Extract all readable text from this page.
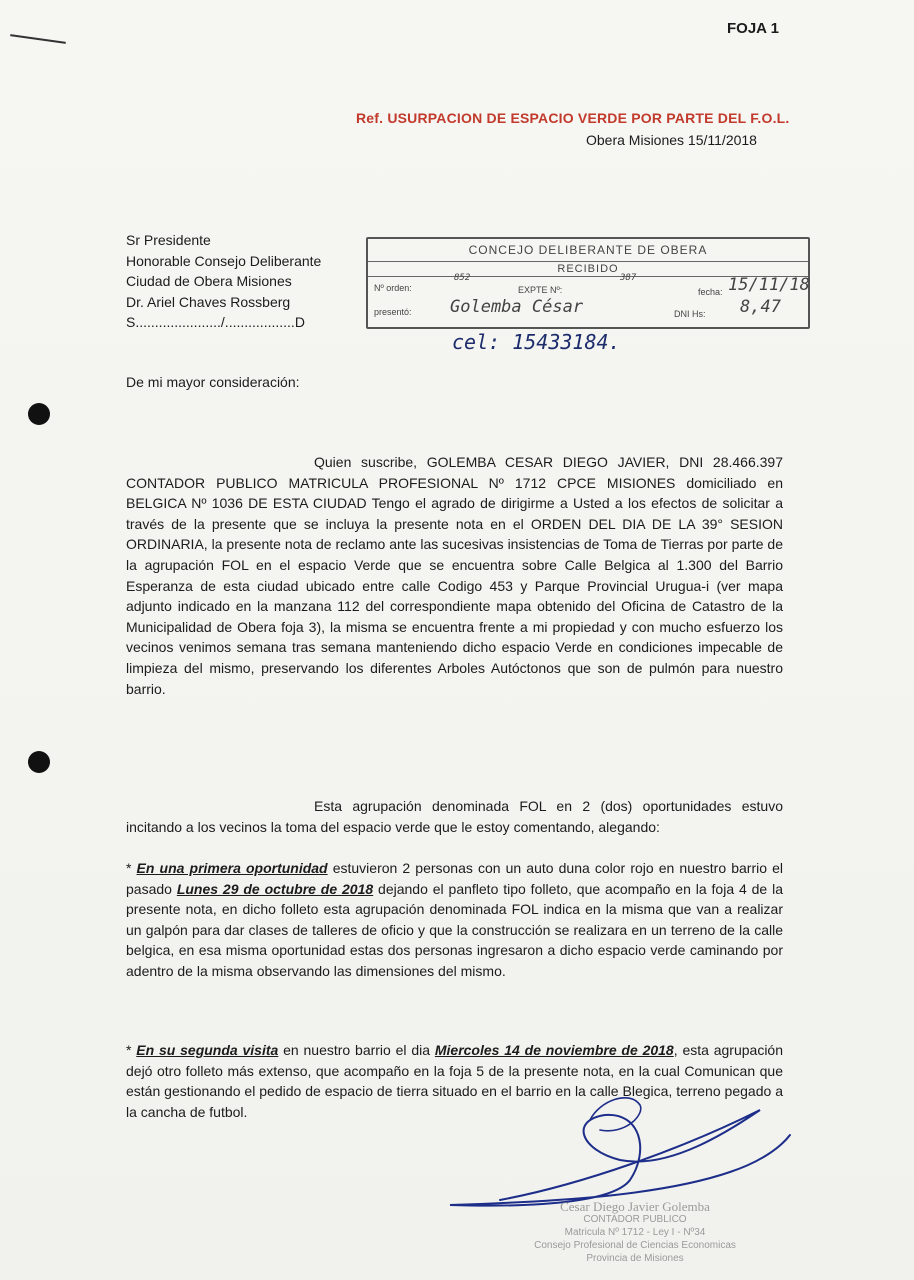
FOJA 1
Ref. USURPACION DE ESPACIO VERDE POR PARTE DEL F.O.L.
Obera Misiones 15/11/2018
Sr Presidente
Honorable Consejo Deliberante
Ciudad de Obera Misiones
Dr. Ariel Chaves Rossberg
S....................../..................D
CONCEJO DELIBERANTE DE OBERA
RECIBIDO
Nº orden:
852
EXPTE Nº:
387
fecha: 15/11/18
presentó: Golemba César	DNI Hs: 8,47
cel: 15433184.
De mi mayor consideración:

Quien suscribe, GOLEMBA CESAR DIEGO JAVIER, DNI 28.466.397 CONTADOR PUBLICO MATRICULA PROFESIONAL Nº 1712 CPCE MISIONES domiciliado en BELGICA Nº 1036 DE ESTA CIUDAD Tengo el agrado de dirigirme a Usted a los efectos de solicitar a través de la presente que se incluya la presente nota en el ORDEN DEL DIA DE LA 39° SESION ORDINARIA, la presente nota de reclamo ante las sucesivas insistencias de Toma de Tierras por parte de la agrupación FOL en el espacio Verde que se encuentra sobre Calle Belgica al 1.300 del Barrio Esperanza de esta ciudad ubicado entre calle Codigo 453 y Parque Provincial Urugua-i (ver mapa adjunto indicado en la manzana 112 del correspondiente mapa obtenido del Oficina de Catastro de la Municipalidad de Obera foja 3), la misma se encuentra frente a mi propiedad y con mucho esfuerzo los vecinos venimos semana tras semana manteniendo dicho espacio Verde en condiciones impecable de limpieza del mismo, preservando los diferentes Arboles Autóctonos que son de pulmón para nuestro barrio.

Esta agrupación denominada FOL en 2 (dos) oportunidades estuvo incitando a los vecinos la toma del espacio verde que le estoy comentando, alegando:

* En una primera oportunidad estuvieron 2 personas con un auto duna color rojo en nuestro barrio el pasado Lunes 29 de octubre de 2018 dejando el panfleto tipo folleto, que acompaño en la foja 4 de la presente nota, en dicho folleto esta agrupación denominada FOL indica en la misma que van a realizar un galpón para dar clases de talleres de oficio y que la construcción se realizara en un terreno de la calle belgica, en esa misma oportunidad estas dos personas ingresaron a dicho espacio verde caminando por adentro de la misma observando las dimensiones del mismo.

* En su segunda visita en nuestro barrio el dia Miercoles 14 de noviembre de 2018, esta agrupación dejó otro folleto más extenso, que acompaño en la foja 5 de la presente nota, en la cual Comunican que están gestionando el pedido de espacio de tierra situado en el barrio en la calle Blegica, terreno pegado a la cancha de futbol.

Cesar Diego Javier Golemba
CONTADOR PUBLICO
Matricula Nº 1712 - Ley I - Nº34
Consejo Profesional de Ciencias Economicas
Provincia de Misiones
